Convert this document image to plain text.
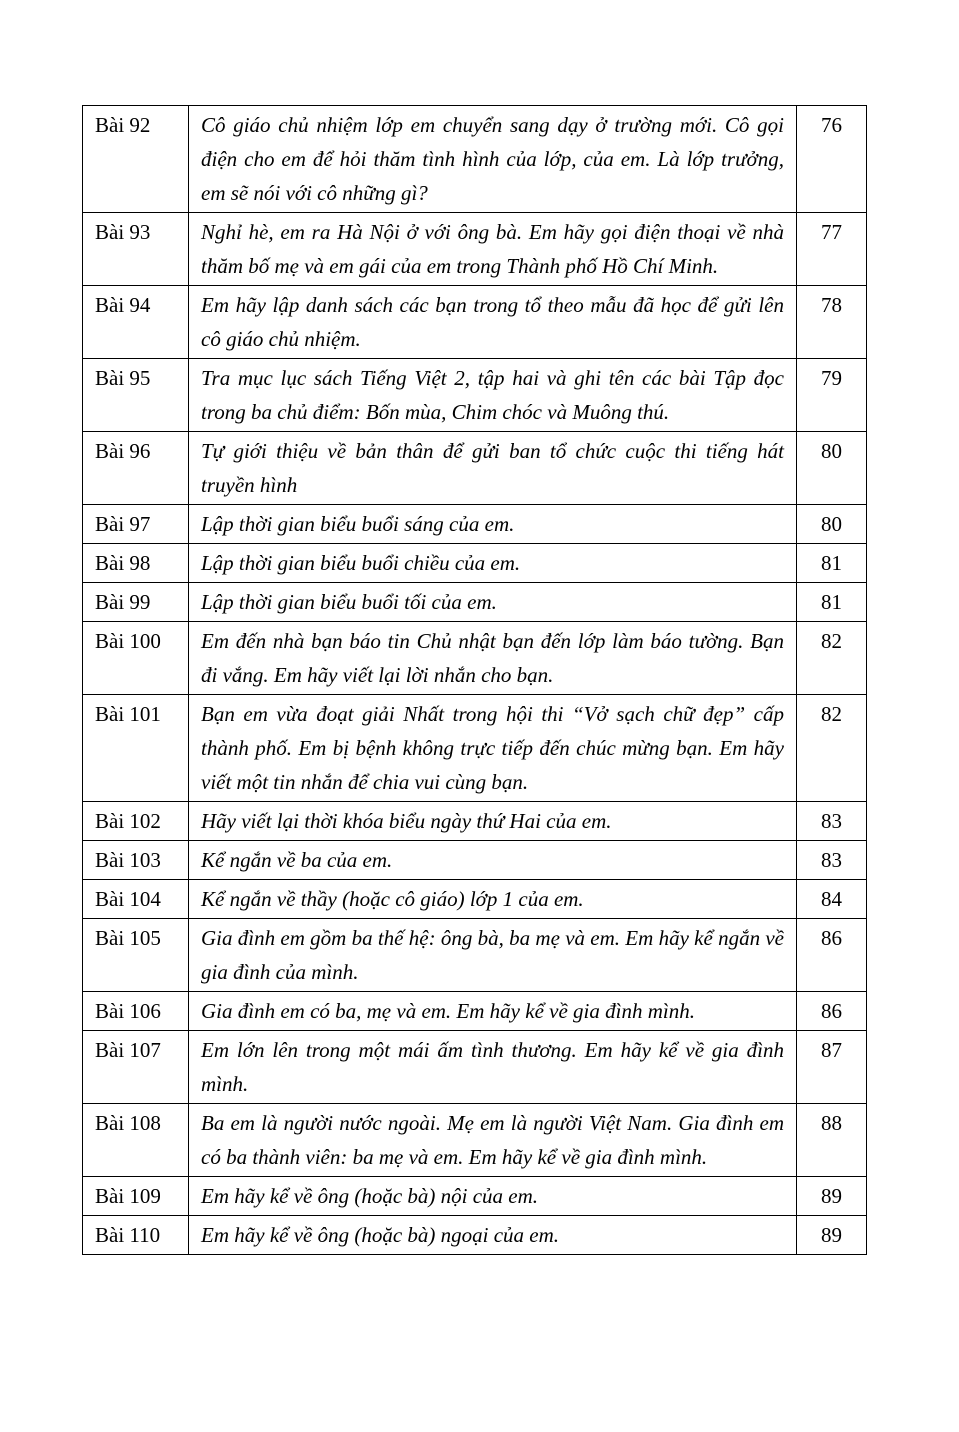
Bài 92	Cô giáo chủ nhiệm lớp em chuyển sang dạy ở trường mới. Cô gọi điện cho em để hỏi thăm tình hình của lớp, của em. Là lớp trưởng, em sẽ nói với cô những gì?	76
Bài 93	Nghỉ hè, em ra Hà Nội ở với ông bà. Em hãy gọi điện thoại về nhà thăm bố mẹ và em gái của em trong Thành phố Hồ Chí Minh.	77
Bài 94	Em hãy lập danh sách các bạn trong tổ theo mẫu đã học để gửi lên cô giáo chủ nhiệm.	78
Bài 95	Tra mục lục sách Tiếng Việt 2, tập hai và ghi tên các bài Tập đọc trong ba chủ điểm: Bốn mùa, Chim chóc và Muông thú.	79
Bài 96	Tự giới thiệu về bản thân để gửi ban tổ chức cuộc thi tiếng hát truyền hình	80
Bài 97	Lập thời gian biểu buổi sáng của em.	80
Bài 98	Lập thời gian biểu buổi chiều của em.	81
Bài 99	Lập thời gian biểu buổi tối của em.	81
Bài 100	Em đến nhà bạn báo tin Chủ nhật bạn đến lớp làm báo tường. Bạn đi vắng. Em hãy viết lại lời nhắn cho bạn.	82
Bài 101	Bạn em vừa đoạt giải Nhất trong hội thi “Vở sạch chữ đẹp” cấp thành phố. Em bị bệnh không trực tiếp đến chúc mừng bạn. Em hãy viết một tin nhắn để chia vui cùng bạn.	82
Bài 102	Hãy viết lại thời khóa biểu ngày thứ Hai của em.	83
Bài 103	Kể ngắn về ba của em.	83
Bài 104	Kể ngắn về thầy (hoặc cô giáo) lớp 1 của em.	84
Bài 105	Gia đình em gồm ba thế hệ: ông bà, ba mẹ và em. Em hãy kể ngắn về gia đình của mình.	86
Bài 106	Gia đình em có ba, mẹ và em. Em hãy kể về gia đình mình.	86
Bài 107	Em lớn lên trong một mái ấm tình thương. Em hãy kể về gia đình mình.	87
Bài 108	Ba em là người nước ngoài. Mẹ em là người Việt Nam. Gia đình em có ba thành viên: ba mẹ và em. Em hãy kể về gia đình mình.	88
Bài 109	Em hãy kể về ông (hoặc bà) nội của em.	89
Bài 110	Em hãy kể về ông (hoặc bà) ngoại của em.	89
